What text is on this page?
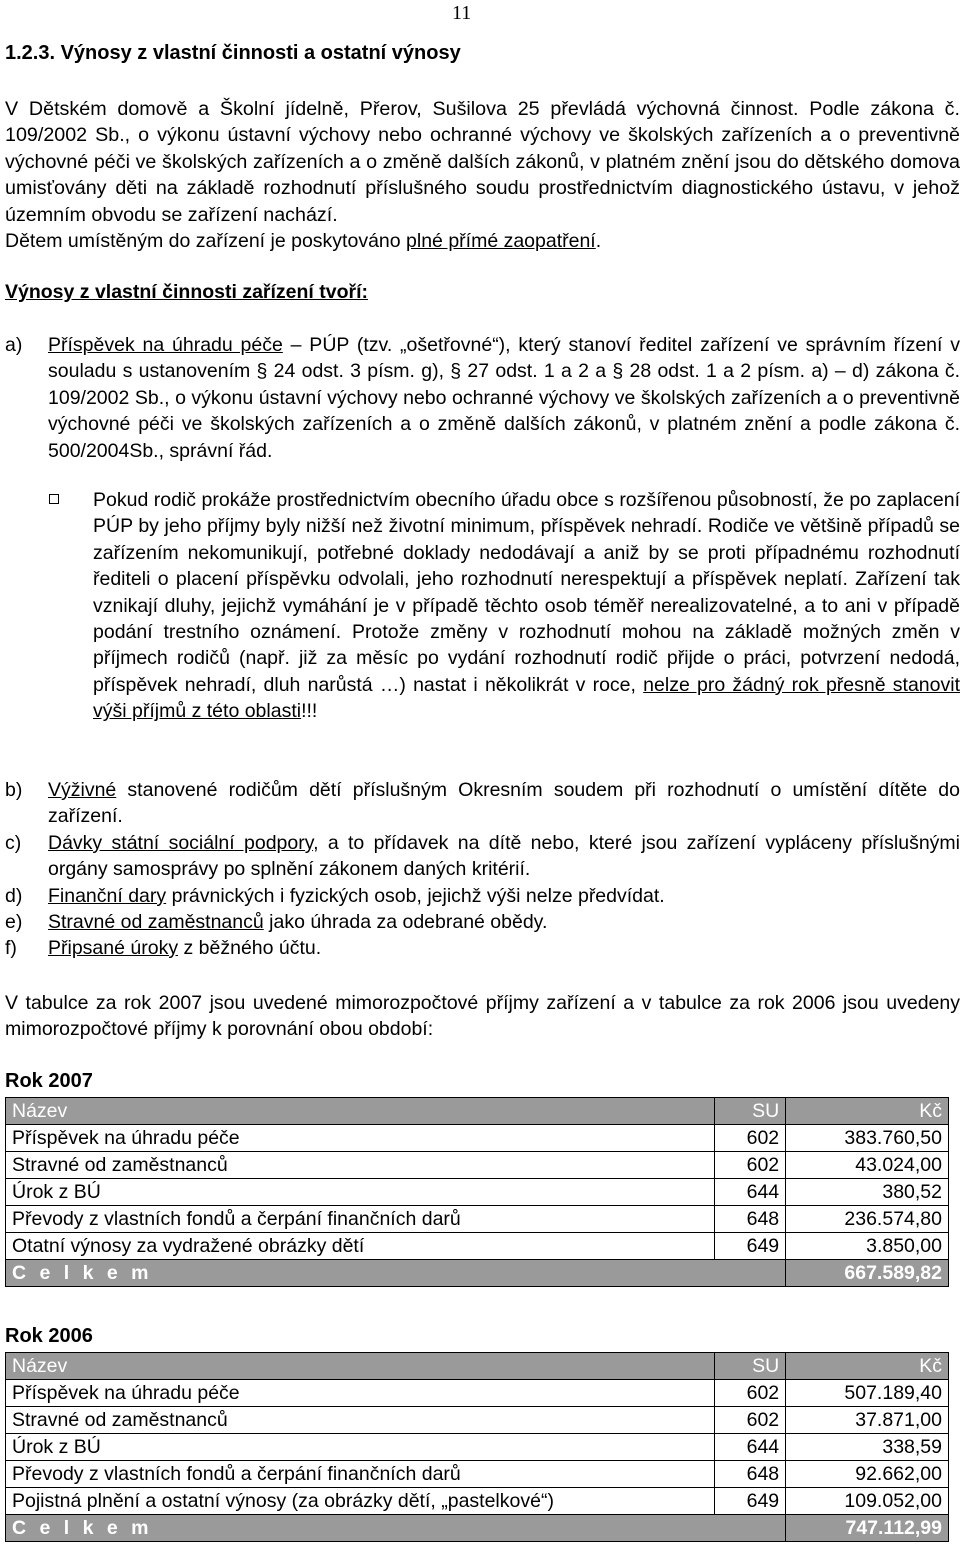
11
1.2.3. Výnosy z vlastní činnosti a ostatní výnosy

V Dětském domově a Školní jídelně, Přerov, Sušilova 25 převládá výchovná činnost. Podle zákona č. 109/2002 Sb., o výkonu ústavní výchovy nebo ochranné výchovy ve školských zařízeních a o preventivně výchovné péči ve školských zařízeních a o změně dalších zákonů, v platném znění jsou do dětského domova umisťovány děti na základě rozhodnutí příslušného soudu prostřednictvím diagnostického ústavu, v jehož územním obvodu se zařízení nachází.
Dětem umístěným do zařízení je poskytováno plné přímé zaopatření.

Výnosy z vlastní činnosti zařízení tvoří:
a) Příspěvek na úhradu péče – PÚP (tzv. „ošetřovné“), který stanoví ředitel zařízení ve správním řízení v souladu s ustanovením § 24 odst. 3 písm. g), § 27 odst. 1 a 2 a § 28 odst. 1 a 2 písm. a) – d) zákona č. 109/2002 Sb., o výkonu ústavní výchovy nebo ochranné výchovy ve školských zařízeních a o preventivně výchovné péči ve školských zařízeních a o změně dalších zákonů, v platném znění a podle zákona č. 500/2004Sb., správní řád.
Pokud rodič prokáže prostřednictvím obecního úřadu obce s rozšířenou působností, že po zaplacení PÚP by jeho příjmy byly nižší než životní minimum, příspěvek nehradí. Rodiče ve většině případů se zařízením nekomunikují, potřebné doklady nedodávají a aniž by se proti případnému rozhodnutí řediteli o placení příspěvku odvolali, jeho rozhodnutí nerespektují a příspěvek neplatí. Zařízení tak vznikají dluhy, jejichž vymáhání je v případě těchto osob téměř nerealizovatelné, a to ani v případě podání trestního oznámení. Protože změny v rozhodnutí mohou na základě možných změn v příjmech rodičů (např. již za měsíc po vydání rozhodnutí rodič přijde o práci, potvrzení nedodá, příspěvek nehradí, dluh narůstá …) nastat i několikrát v roce, nelze pro žádný rok přesně stanovit výši příjmů z této oblasti!!!
b) Výživné stanovené rodičům dětí příslušným Okresním soudem při rozhodnutí o umístění dítěte do zařízení.
c) Dávky státní sociální podpory, a to přídavek na dítě nebo, které jsou zařízení vypláceny příslušnými orgány samosprávy po splnění zákonem daných kritérií.
d) Finanční dary právnických i fyzických osob, jejichž výši nelze předvídat.
e) Stravné od zaměstnanců jako úhrada za odebrané obědy.
f) Připsané úroky z běžného účtu.

V tabulce za rok 2007 jsou uvedené mimorozpočtové příjmy zařízení a v tabulce za rok 2006 jsou uvedeny mimorozpočtové příjmy k porovnání obou období:

Rok 2007
Název	SU	Kč
Příspěvek na úhradu péče	602	383.760,50
Stravné od zaměstnanců	602	43.024,00
Úrok z BÚ	644	380,52
Převody z vlastních fondů a čerpání finančních darů	648	236.574,80
Otatní výnosy za vydražené obrázky dětí	649	3.850,00
C e l k e m		667.589,82
Rok 2006
Název	SU	Kč
Příspěvek na úhradu péče	602	507.189,40
Stravné od zaměstnanců	602	37.871,00
Úrok z BÚ	644	338,59
Převody z vlastních fondů a čerpání finančních darů	648	92.662,00
Pojistná plnění a ostatní výnosy (za obrázky dětí, „pastelkové“)	649	109.052,00
C e l k e m		747.112,99
